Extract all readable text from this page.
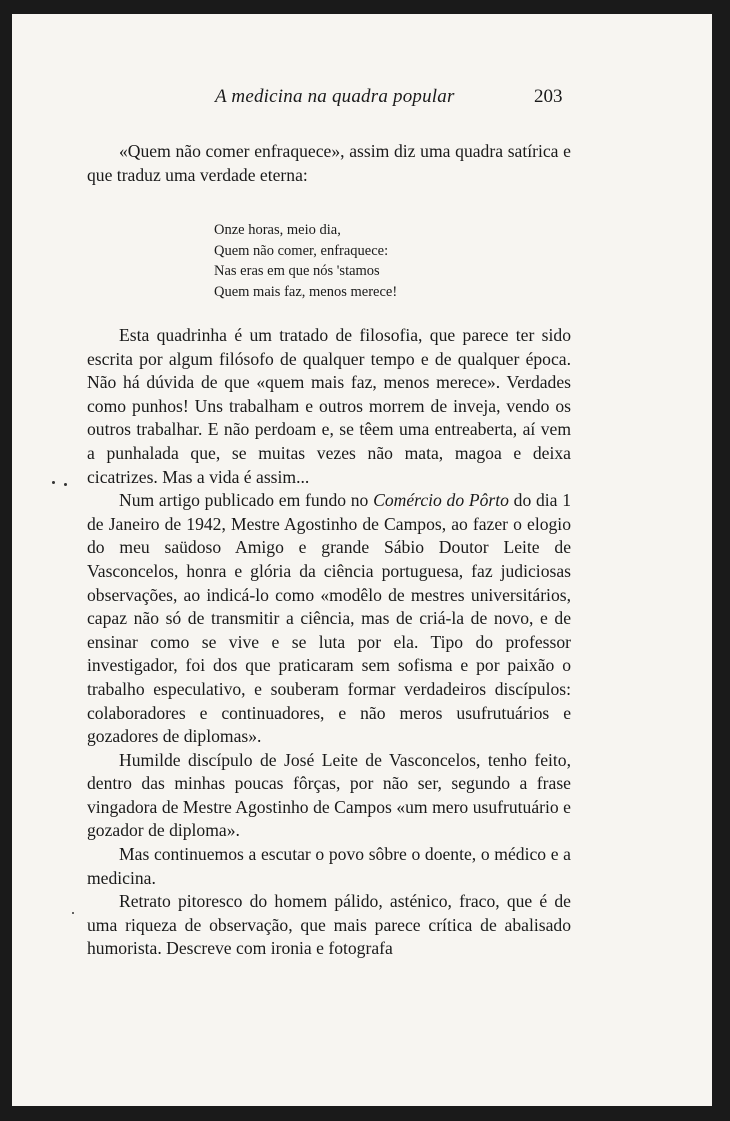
A medicina na quadra popular	203

«Quem não comer enfraquece», assim diz uma quadra satírica e que traduz uma verdade eterna:

Onze horas, meio dia,
Quem não comer, enfraquece:
Nas eras em que nós 'stamos
Quem mais faz, menos merece!

Esta quadrinha é um tratado de filosofia, que parece ter sido escrita por algum filósofo de qualquer tempo e de qualquer época. Não há dúvida de que «quem mais faz, menos merece». Verdades como punhos! Uns trabalham e outros morrem de inveja, vendo os outros trabalhar. E não perdoam e, se têem uma entreaberta, aí vem a punhalada que, se muitas vezes não mata, magoa e deixa cicatrizes. Mas a vida é assim...

Num artigo publicado em fundo no Comércio do Pôrto do dia 1 de Janeiro de 1942, Mestre Agostinho de Campos, ao fazer o elogio do meu saüdoso Amigo e grande Sábio Doutor Leite de Vasconcelos, honra e glória da ciência portuguesa, faz judiciosas observações, ao indicá-lo como «modêlo de mestres universitários, capaz não só de transmitir a ciência, mas de criá-la de novo, e de ensinar como se vive e se luta por ela. Tipo do professor investigador, foi dos que praticaram sem sofisma e por paixão o trabalho especulativo, e souberam formar verdadeiros discípulos: colaboradores e continuadores, e não meros usufrutuários e gozadores de diplomas».

Humilde discípulo de José Leite de Vasconcelos, tenho feito, dentro das minhas poucas fôrças, por não ser, segundo a frase vingadora de Mestre Agostinho de Campos «um mero usufrutuário e gozador de diploma».

Mas continuemos a escutar o povo sôbre o doente, o médico e a medicina.

Retrato pitoresco do homem pálido, asténico, fraco, que é de uma riqueza de observação, que mais parece crítica de abalisado humorista. Descreve com ironia e fotografa
